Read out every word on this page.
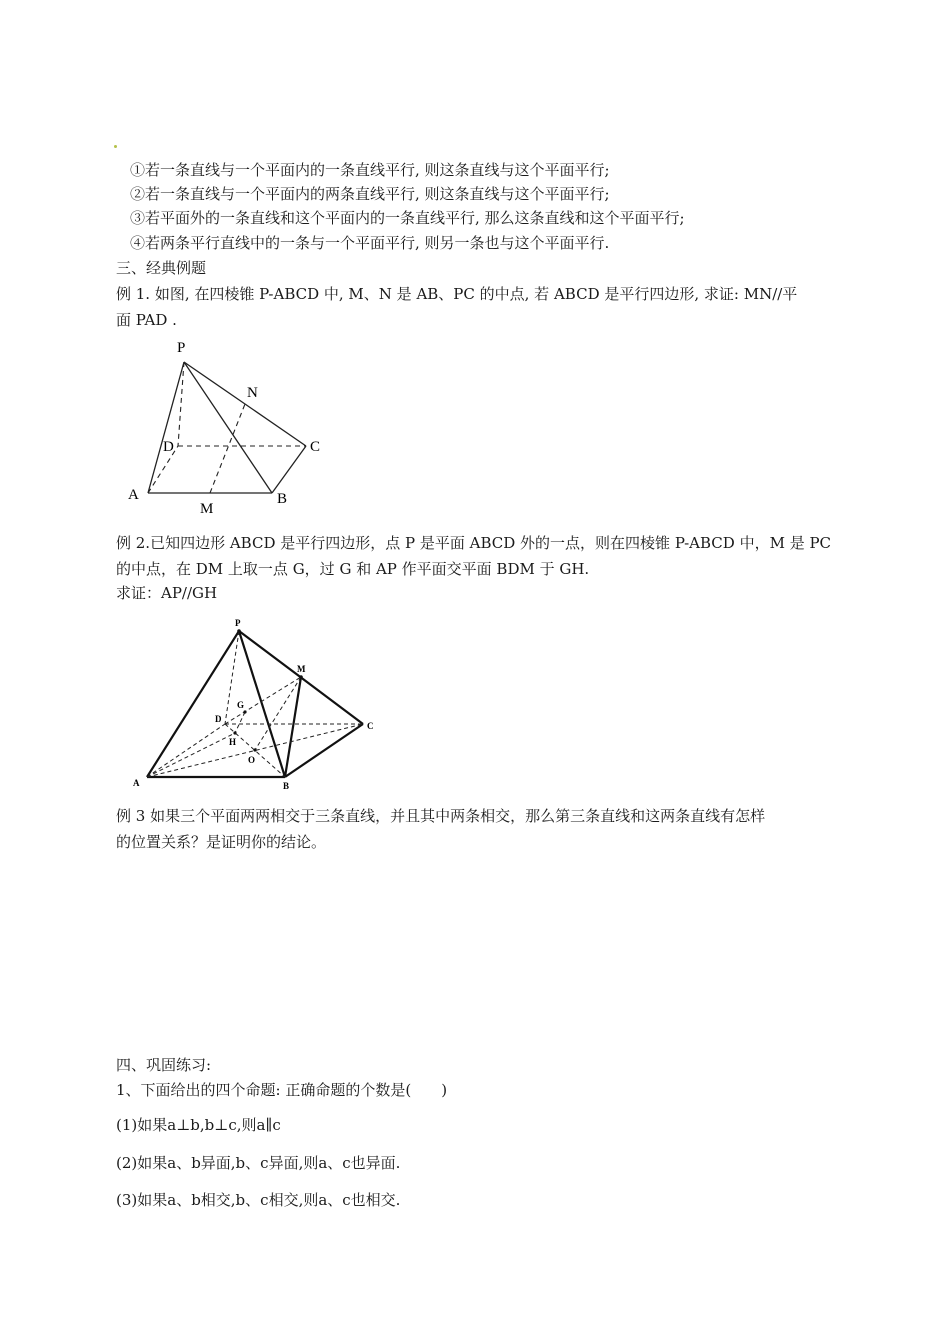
①若一条直线与一个平面内的一条直线平行, 则这条直线与这个平面平行;
②若一条直线与一个平面内的两条直线平行, 则这条直线与这个平面平行;
③若平面外的一条直线和这个平面内的一条直线平行, 那么这条直线和这个平面平行;
④若两条平行直线中的一条与一个平面平行, 则另一条也与这个平面平行.
三、经典例题
例 1. 如图, 在四棱锥 P-ABCD 中, M、N 是 AB、PC 的中点, 若 ABCD 是平行四边形, 求证: MN//平
面 PAD .
P
N
D	C
A
M
B
例 2.已知四边形 ABCD 是平行四边形，点 P 是平面 ABCD 外的一点，则在四棱锥 P-ABCD 中，M 是 PC
的中点，在 DM 上取一点 G，过 G 和 AP 作平面交平面 BDM 于 GH.
求证：AP//GH
P
M
G
D
H
O
C
A	B
例 3 如果三个平面两两相交于三条直线，并且其中两条相交，那么第三条直线和这两条直线有怎样
的位置关系？是证明你的结论。
四、巩固练习:
1、下面给出的四个命题: 正确命题的个数是(　　)
(1)如果a⊥b,b⊥c,则a∥c
(2)如果a、b异面,b、c异面,则a、c也异面.
(3)如果a、b相交,b、c相交,则a、c也相交.
